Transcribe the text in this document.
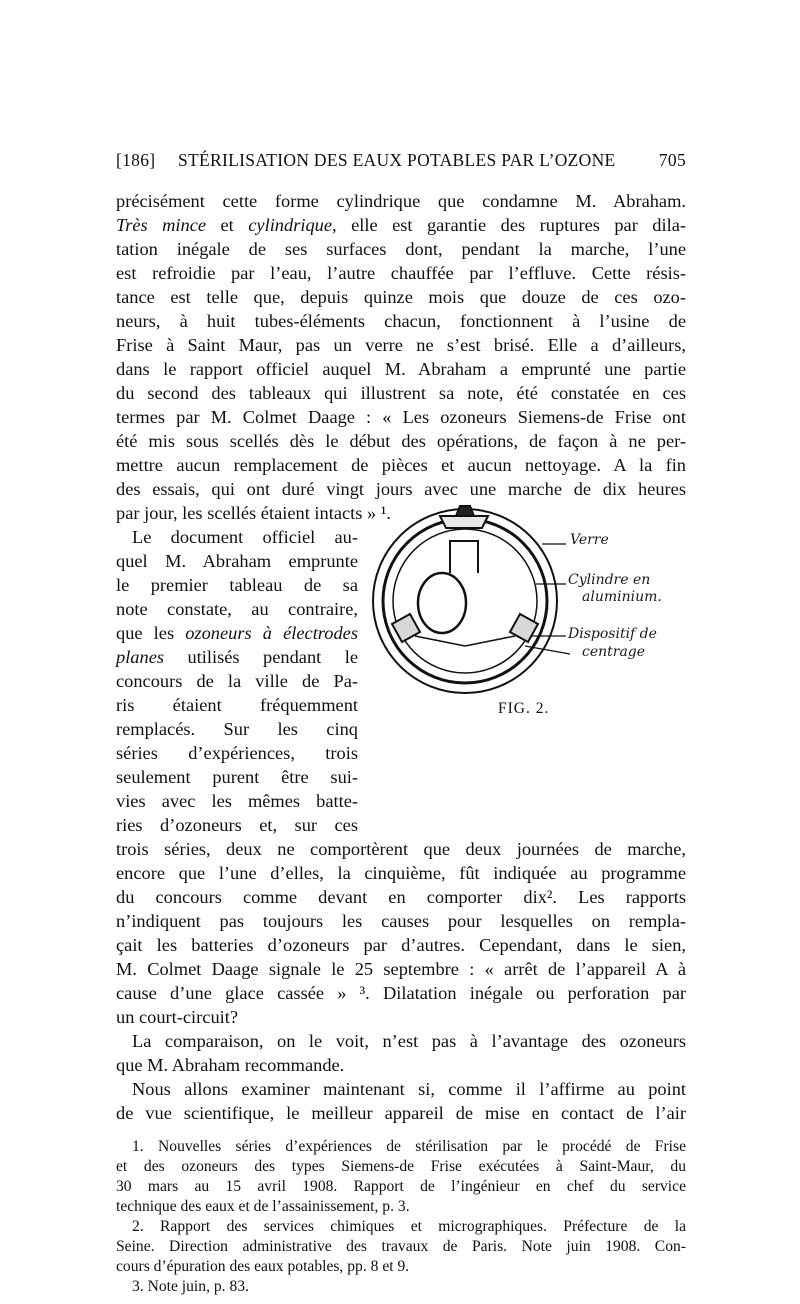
[186] STÉRILISATION DES EAUX POTABLES PAR L’OZONE 705
précisément cette forme cylindrique que condamne M. Abraham.
Très mince et cylindrique, elle est garantie des ruptures par dila-
tation inégale de ses surfaces dont, pendant la marche, l’une
est refroidie par l’eau, l’autre chauffée par l’effluve. Cette résis-
tance est telle que, depuis quinze mois que douze de ces ozo-
neurs, à huit tubes-éléments chacun, fonctionnent à l’usine de
Frise à Saint Maur, pas un verre ne s’est brisé. Elle a d’ailleurs,
dans le rapport officiel auquel M. Abraham a emprunté une partie
du second des tableaux qui illustrent sa note, été constatée en ces
termes par M. Colmet Daage : « Les ozoneurs Siemens-de Frise ont
été mis sous scellés dès le début des opérations, de façon à ne per-
mettre aucun remplacement de pièces et aucun nettoyage. A la fin
des essais, qui ont duré vingt jours avec une marche de dix heures
par jour, les scellés étaient intacts » ¹.
Le document officiel au-
quel M. Abraham emprunte
le premier tableau de sa
note constate, au contraire,
que les ozoneurs à électrodes
planes utilisés pendant le
concours de la ville de Pa-
ris étaient fréquemment
remplacés. Sur les cinq
séries d’expériences, trois
seulement purent être sui-
vies avec les mêmes batte-
ries d’ozoneurs et, sur ces
trois séries, deux ne comportèrent que deux journées de marche,
encore que l’une d’elles, la cinquième, fût indiquée au programme
du concours comme devant en comporter dix². Les rapports
n’indiquent pas toujours les causes pour lesquelles on rempla-
çait les batteries d’ozoneurs par d’autres. Cependant, dans le sien,
M. Colmet Daage signale le 25 septembre : « arrêt de l’appareil A à
cause d’une glace cassée » ³. Dilatation inégale ou perforation par
un court-circuit?
La comparaison, on le voit, n’est pas à l’avantage des ozoneurs
que M. Abraham recommande.
Nous allons examiner maintenant si, comme il l’affirme au point
de vue scientifique, le meilleur appareil de mise en contact de l’air
Verre
Cylindre en
aluminium.
Dispositif de
centrage
FIG. 2.
1. Nouvelles séries d’expériences de stérilisation par le procédé de Frise
et des ozoneurs des types Siemens-de Frise exécutées à Saint-Maur, du
30 mars au 15 avril 1908. Rapport de l’ingénieur en chef du service
technique des eaux et de l’assainissement, p. 3.
2. Rapport des services chimiques et micrographiques. Préfecture de la
Seine. Direction administrative des travaux de Paris. Note juin 1908. Con-
cours d’épuration des eaux potables, pp. 8 et 9.
3. Note juin, p. 83.
